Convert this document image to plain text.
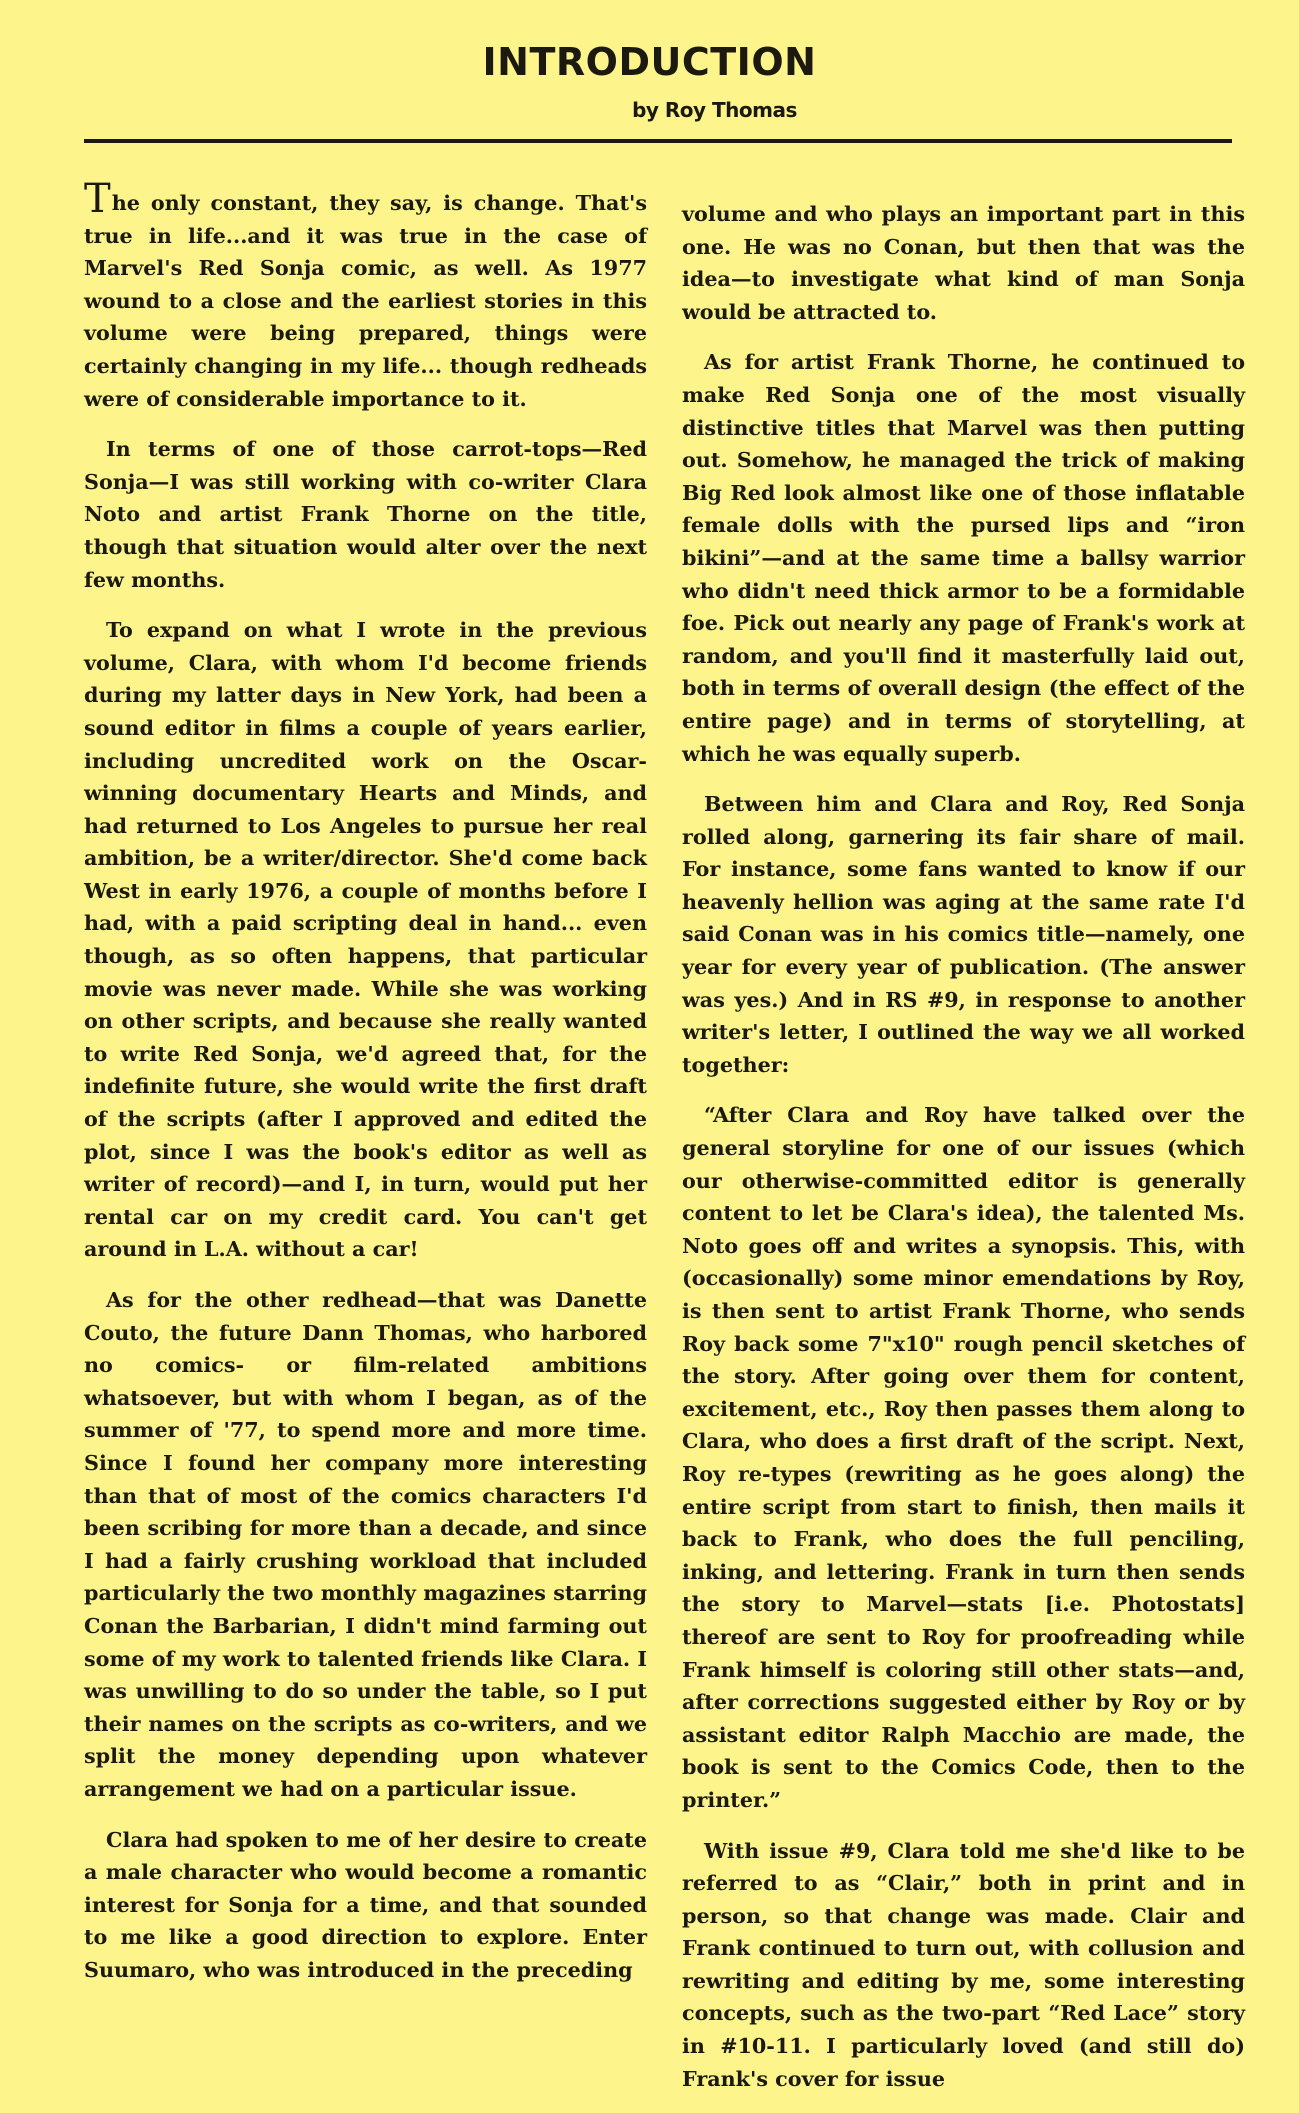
INTRODUCTION
by Roy Thomas

The only constant, they say, is change. That's true in life...and it was true in the case of Marvel's Red Sonja comic, as well. As 1977 wound to a close and the earliest stories in this volume were being prepared, things were certainly changing in my life... though redheads were of considerable importance to it.

In terms of one of those carrot-tops—Red Sonja—I was still working with co-writer Clara Noto and artist Frank Thorne on the title, though that situation would alter over the next few months.

To expand on what I wrote in the previous volume, Clara, with whom I'd become friends during my latter days in New York, had been a sound editor in films a couple of years earlier, including uncredited work on the Oscar-winning documentary Hearts and Minds, and had returned to Los Angeles to pursue her real ambition, be a writer/director. She'd come back West in early 1976, a couple of months before I had, with a paid scripting deal in hand... even though, as so often happens, that particular movie was never made. While she was working on other scripts, and because she really wanted to write Red Sonja, we'd agreed that, for the indefinite future, she would write the first draft of the scripts (after I approved and edited the plot, since I was the book's editor as well as writer of record)—and I, in turn, would put her rental car on my credit card. You can't get around in L.A. without a car!

As for the other redhead—that was Danette Couto, the future Dann Thomas, who harbored no comics- or film-related ambitions whatsoever, but with whom I began, as of the summer of '77, to spend more and more time. Since I found her company more interesting than that of most of the comics characters I'd been scribing for more than a decade, and since I had a fairly crushing workload that included particularly the two monthly magazines starring Conan the Barbarian, I didn't mind farming out some of my work to talented friends like Clara. I was unwilling to do so under the table, so I put their names on the scripts as co-writers, and we split the money depending upon whatever arrangement we had on a particular issue.

Clara had spoken to me of her desire to create a male character who would become a romantic interest for Sonja for a time, and that sounded to me like a good direction to explore. Enter Suumaro, who was introduced in the preceding

volume and who plays an important part in this one. He was no Conan, but then that was the idea—to investigate what kind of man Sonja would be attracted to.

As for artist Frank Thorne, he continued to make Red Sonja one of the most visually distinctive titles that Marvel was then putting out. Somehow, he managed the trick of making Big Red look almost like one of those inflatable female dolls with the pursed lips and “iron bikini”—and at the same time a ballsy warrior who didn't need thick armor to be a formidable foe. Pick out nearly any page of Frank's work at random, and you'll find it masterfully laid out, both in terms of overall design (the effect of the entire page) and in terms of storytelling, at which he was equally superb.

Between him and Clara and Roy, Red Sonja rolled along, garnering its fair share of mail. For instance, some fans wanted to know if our heavenly hellion was aging at the same rate I'd said Conan was in his comics title—namely, one year for every year of publication. (The answer was yes.) And in RS #9, in response to another writer's letter, I outlined the way we all worked together:

“After Clara and Roy have talked over the general storyline for one of our issues (which our otherwise-committed editor is generally content to let be Clara's idea), the talented Ms. Noto goes off and writes a synopsis. This, with (occasionally) some minor emendations by Roy, is then sent to artist Frank Thorne, who sends Roy back some 7"x10" rough pencil sketches of the story. After going over them for content, excitement, etc., Roy then passes them along to Clara, who does a first draft of the script. Next, Roy re-types (rewriting as he goes along) the entire script from start to finish, then mails it back to Frank, who does the full penciling, inking, and lettering. Frank in turn then sends the story to Marvel—stats [i.e. Photostats] thereof are sent to Roy for proofreading while Frank himself is coloring still other stats—and, after corrections suggested either by Roy or by assistant editor Ralph Macchio are made, the book is sent to the Comics Code, then to the printer.”

With issue #9, Clara told me she'd like to be referred to as “Clair,” both in print and in person, so that change was made. Clair and Frank continued to turn out, with collusion and rewriting and editing by me, some interesting concepts, such as the two-part “Red Lace” story in #10-11. I particularly loved (and still do) Frank's cover for issue
